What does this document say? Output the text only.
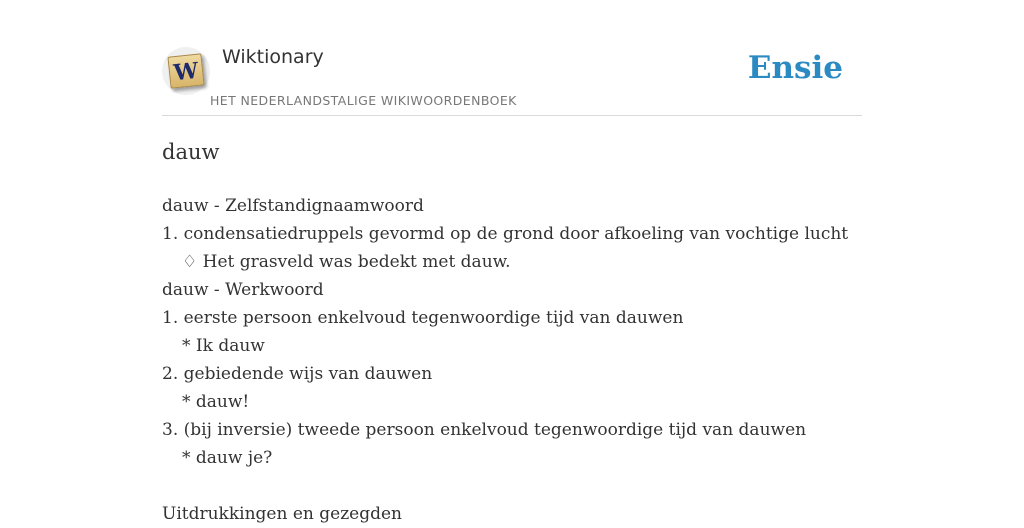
W
Wiktionary
HET NEDERLANDSTALIGE WIKIWOORDENBOEK
Ensie
dauw
dauw - Zelfstandignaamwoord
1. condensatiedruppels gevormd op de grond door afkoeling van vochtige lucht
♢ Het grasveld was bedekt met dauw.
dauw - Werkwoord
1. eerste persoon enkelvoud tegenwoordige tijd van dauwen
* Ik dauw
2. gebiedende wijs van dauwen
* dauw!
3. (bij inversie) tweede persoon enkelvoud tegenwoordige tijd van dauwen
* dauw je?
Uitdrukkingen en gezegden
